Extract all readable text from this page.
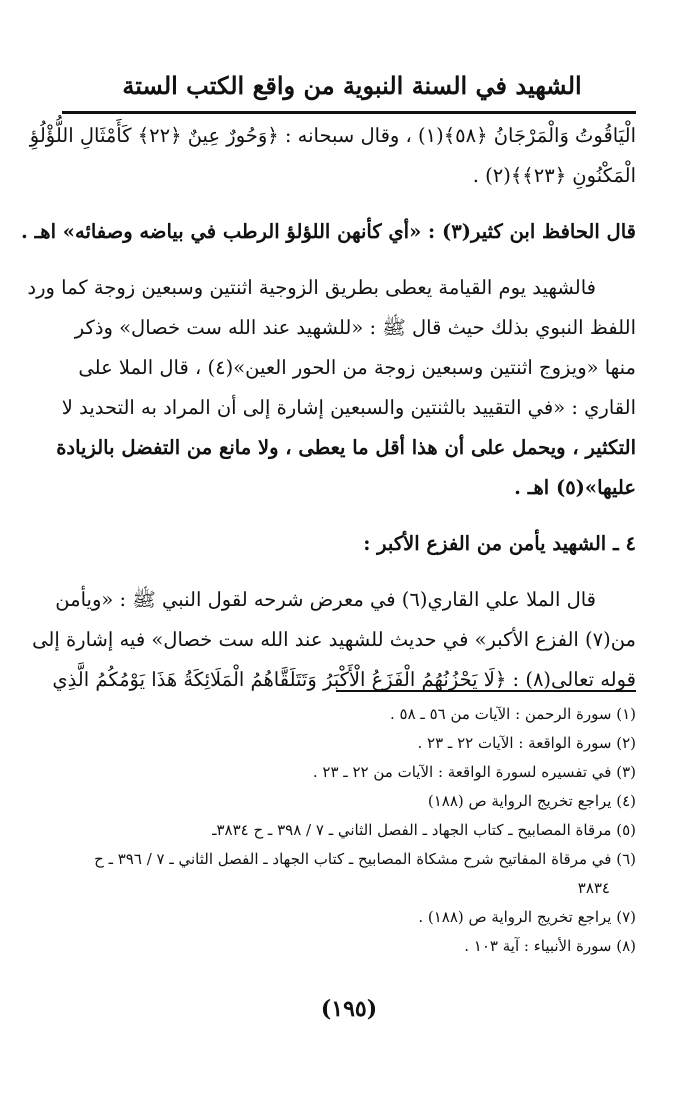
الشهيد في السنة النبوية من واقع الكتب الستة
الْيَاقُوتُ وَالْمَرْجَانُ ﴿٥٨﴾(١) ، وقال سبحانه : ﴿وَحُورٌ عِينٌ ﴿٢٢﴾ كَأَمْثَالِ اللُّؤْلُؤِ
الْمَكْنُونِ ﴿٢٣﴾﴾(٢) .
قال الحافظ ابن كثير(٣) : «أي كأنهن اللؤلؤ الرطب في بياضه وصفائه» اهـ .
فالشهيد يوم القيامة يعطى بطريق الزوجية اثنتين وسبعين زوجة كما ورد
اللفظ النبوي بذلك حيث قال ﷺ : «للشهيد عند الله ست خصال» وذكر
منها «ويزوج اثنتين وسبعين زوجة من الحور العين»(٤) ، قال الملا على
القاري : «في التقييد بالثنتين والسبعين إشارة إلى أن المراد به التحديد لا
التكثير ، ويحمل على أن هذا أقل ما يعطى ، ولا مانع من التفضل بالزيادة
عليها»(٥) اهـ .
٤ ـ الشهيد يأمن من الفزع الأكبر :
قال الملا علي القاري(٦) في معرض شرحه لقول النبي ﷺ : «ويأمن
من(٧) الفزع الأكبر» في حديث للشهيد عند الله ست خصال» فيه إشارة إلى
قوله تعالى(٨) : ﴿لَا يَحْزُنُهُمُ الْفَزَعُ الْأَكْبَرُ وَتَتَلَقَّاهُمُ الْمَلَائِكَةُ هَذَا يَوْمُكُمُ الَّذِي
(١) سورة الرحمن : الآيات من ٥٦ ـ ٥٨ .
(٢) سورة الواقعة : الآيات ٢٢ ـ ٢٣ .
(٣) في تفسيره لسورة الواقعة : الآيات من ٢٢ ـ ٢٣ .
(٤) يراجع تخريج الرواية ص (١٨٨)
(٥) مرقاة المصابيح ـ كتاب الجهاد ـ الفصل الثاني ـ ٧ / ٣٩٨ ـ ح ٣٨٣٤ـ
(٦) في مرقاة المفاتيح شرح مشكاة المصابيح ـ كتاب الجهاد ـ الفصل الثاني ـ ٧ / ٣٩٦ ـ ح
٣٨٣٤
(٧) يراجع تخريج الرواية ص (١٨٨) .
(٨) سورة الأنبياء : آية ١٠٣ .
(١٩٥)
